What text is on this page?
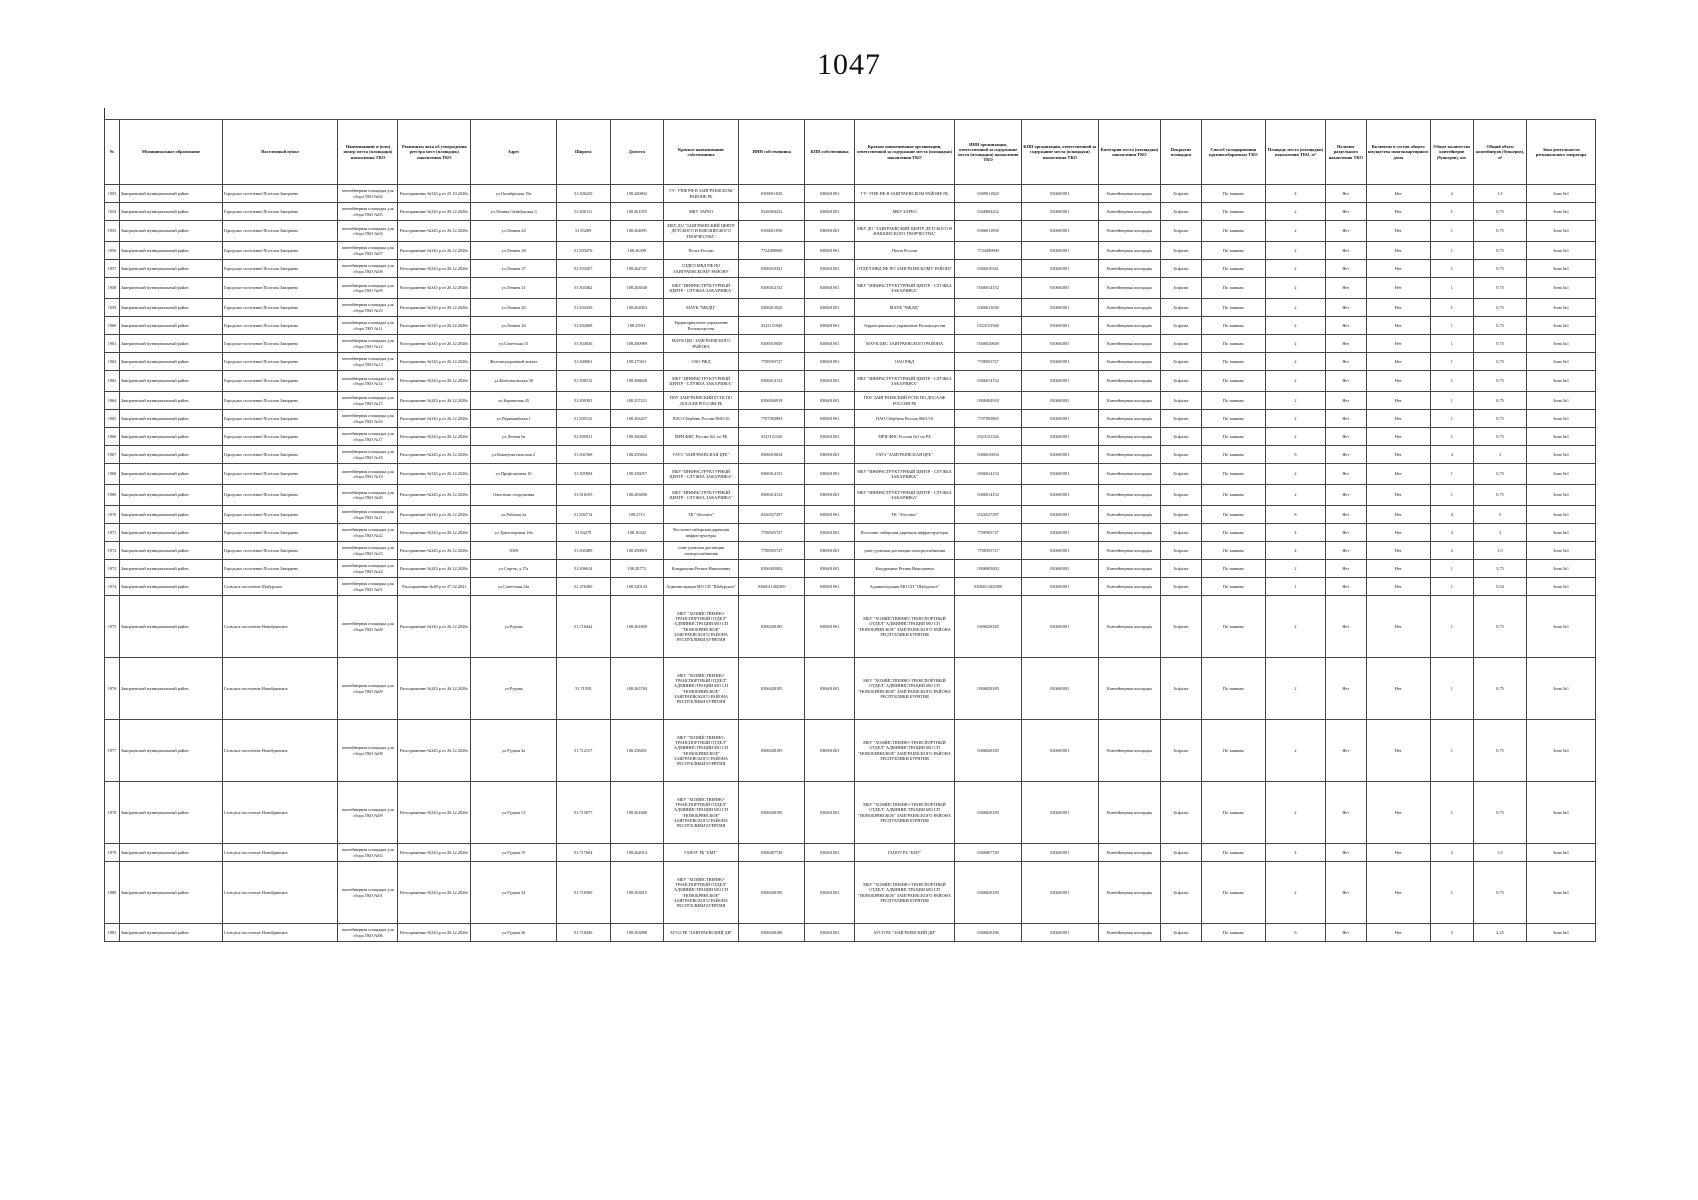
1047
№	Муниципальное образование	Населенный пункт	Наименование и (или) номер места (площадки) накопления ТКО	Реквизиты акта об утверждении реестра мест (площадок) накопления ТКО	Адрес	Широта	Долгота	Краткое наименование собственника	ИНН собственника	КПП собственника	Краткое наименование организации, ответственной за содержание места (площадки) накопления ТКО	ИНН организации, ответственной за содержание места (площадки) накопления ТКО	КПП организации, ответственной за содержание места (площадки) накопления ТКО	Категория места (площадки) накопления ТКО	Покрытие площадки	Способ складирования крупногабаритных ТКО	Площадь места (площадки) накопления ТКО, м²	Наличие раздельного накопления ТКО	Включено в состав общего имущества многоквартирного дома	Общее количество контейнеров (бункеров), шт.	Общий объем контейнеров (бункеров), м³	Зона деятельности регионального оператора
1953	Заиграевский муниципальный район	Городское поселение Поселок Заиграево	контейнерная площадка для сбора ТКО №04	Распоряжение №343 р от 25.10.2020г.	ул.Октябрьская 19а	51.836229	108.260802	ГУ- УПФ РФ В ЗАИГРАЕВСКОМ РАЙОНЕ РБ	0309011820	030601001	ГУ- УПФ РФ В ЗАИГРАЕВСКОМ РАЙОНЕ РБ	0309011820	030601001	Контейнерная площадка	Асфальт	По заявкам	4	Нет	Нет	2	1,5	Зона №1
1954	Заиграевский муниципальный район	Городское поселение Поселок Заиграево	контейнерная площадка для сбора ТКО №05	Распоряжение №343 р от 26.12.2020г.	ул.Ленина Октябрьская 3	51.836111	108.261055	МКУ ЗАРЕО	0326004252	030601001	МКУ ЗАРЕО	0326004252	030601001	Контейнерная площадка	Асфальт	По заявкам	2	Нет	Нет	1	0,75	Зона №1
1955	Заиграевский муниципальный район	Городское поселение Поселок Заиграево	контейнерная площадка для сбора ТКО №04	Распоряжение №343 р от 26.12.2020г.	ул.Ленина 24	51.83289	108.264091	МБУ ДО "ЗАИГРАЕВСКИЙ ЦЕНТР ДЕТСКОГО И ЮНОШЕСКОГО ТВОРЧЕСТВА"	0306011830	030601001	МБУ ДО "ЗАИГРАЕВСКИЙ ЦЕНТР ДЕТСКОГО И ЮНОШЕСКОГО ТВОРЧЕСТВА"	0306011830	030601001	Контейнерная площадка	Асфальт	По заявкам	2	Нет	Нет	1	0,75	Зона №1
1956	Заиграевский муниципальный район	Городское поселение Поселок Заиграево	контейнерная площадка для сбора ТКО №07	Распоряжение №343 р от 26.12.2020г.	ул.Ленина 28	51.833476	108.26309	Почта России	7724490000	030601001	Почта России	7724490000	030601001	Контейнерная площадка	Асфальт	По заявкам	2	Нет	Нет	1	0,75	Зона №1
1957	Заиграевский муниципальный район	Городское поселение Поселок Заиграево	контейнерная площадка для сбора ТКО №08	Распоряжение №343 р от 26.12.2020г.	ул.Ленина 27	51.833307	108.262727	ОТДЕЛ МВД РФ ПО ЗАИГРАЕВСКОМУ РАЙОНУ	0306010341	030601001	ОТДЕЛ МВД РФ ПО ЗАИГРАЕВСКОМУ РАЙОНУ	0306010341	030601001	Контейнерная площадка	Асфальт	По заявкам	2	Нет	Нет	1	0,75	Зона №1
1958	Заиграевский муниципальный район	Городское поселение Поселок Заиграево	контейнерная площадка для сбора ТКО №09	Распоряжение №343 р от 26.12.2020г.	ул.Ленина 21	51.833462	108.263040	МБУ "ИНФРАСТРУКТУРНЫЙ ЦЕНТР - СЛУЖБА ЗАКАЗЧИКА"	0306014152	030601001	МБУ "ИНФРАСТРУКТУРНЫЙ ЦЕНТР - СЛУЖБА ЗАКАЗЧИКА"	0306014152	030601001	Контейнерная площадка	Асфальт	По заявкам	2	Нет	Нет	1	0,75	Зона №1
1959	Заиграевский муниципальный район	Городское поселение Поселок Заиграево	контейнерная площадка для сбора ТКО №10	Распоряжение №343 р от 26.12.2020г.	ул.Ленина 20	51.834356	108.262003	МАУК "МКДЦ"	0306013030	030601001	МАУК "МКДЦ"	0306013030	030601001	Контейнерная площадка	Асфальт	По заявкам	2	Нет	Нет	1	0,75	Зона №1
1960	Заиграевский муниципальный район	Городское поселение Поселок Заиграево	контейнерная площадка для сбора ТКО №11	Распоряжение №343 р от 26.12.2020г.	ул.Ленина 44	51.832668	108.25911	Территориальное управление Росимущества	0323151940	030601001	Территориальное управление Росимущества	0323151940	030601001	Контейнерная площадка	Асфальт	По заявкам	2	Нет	Нет	1	0,75	Зона №1
1961	Заиграевский муниципальный район	Городское поселение Поселок Заиграево	контейнерная площадка для сбора ТКО №12	Распоряжение №343 р от 26.12.2020г.	ул.Советская 15	51.834036	108.260989	МАУК ЦКС ЗАИГРАЕВСКОГО РАЙОНА	0306010849	030601001	МАУК ЦКС ЗАИГРАЕВСКОГО РАЙОНА	0306010849	030601001	Контейнерная площадка	Асфальт	По заявкам	2	Нет	Нет	1	0,75	Зона №1
1962	Заиграевский муниципальный район	Городское поселение Поселок Заиграево	контейнерная площадка для сбора ТКО №13	Распоряжение №343 р от 26.12.2020г.	Железнодорожный вокзал	51.840061	108.275611	ОАО РЖД	7708503727	030601001	ОАО РЖД	7708503727	030601001	Контейнерная площадка	Асфальт	По заявкам	2	Нет	Нет	1	0,75	Зона №1
1963	Заиграевский муниципальный район	Городское поселение Поселок Заиграево	контейнерная площадка для сбора ТКО №14	Распоряжение №343 р от 26.12.2020г.	ул.Комсомольская 30	51.838132	108.268628	МБУ "ИНФРАСТРУКТУРНЫЙ ЦЕНТР - СЛУЖБА ЗАКАЗЧИКА"	0306014152	030601001	МБУ "ИНФРАСТРУКТУРНЫЙ ЦЕНТР - СЛУЖБА ЗАКАЗЧИКА"	0306014152	030601001	Контейнерная площадка	Асфальт	По заявкам	2	Нет	Нет	1	0,75	Зона №1
1964	Заиграевский муниципальный район	Городское поселение Поселок Заиграево	контейнерная площадка для сбора ТКО №15	Распоряжение №343 р от 26.12.2020г.	ул.Кирпичная 45	51.839381	108.257221	ПОУ ЗАИГРАЕВСКИЙ РСТК ПО ДОСААФ РОССИИ РБ	0306004918	030601001	ПОУ ЗАИГРАЕВСКИЙ РСТК ПО ДОСААФ РОССИИ РБ	0306004918	030601001	Контейнерная площадка	Асфальт	По заявкам	2	Нет	Нет	1	0,75	Зона №1
1965	Заиграевский муниципальный район	Городское поселение Поселок Заиграево	контейнерная площадка для сбора ТКО №16	Распоряжение №343 р от 26.12.2020г.	ул.Первомайская 1	51.835132	108.263437	ПАО Сбербанк России 8601/16	7707083893	030601001	ПАО Сбербанк России 8601/16	7707083893	030601001	Контейнерная площадка	Асфальт	По заявкам	2	Нет	Нет	1	0,75	Зона №1
1966	Заиграевский муниципальный район	Городское поселение Поселок Заиграево	контейнерная площадка для сбора ТКО №17	Распоряжение №343 р от 26.12.2020г.	ул.Лесная 6а	51.830921	108.260402	МРИ ФНС России №1 по РБ	0323121326	030601001	МРИ ФНС России №1 по РБ	0323121326	030601001	Контейнерная площадка	Асфальт	По заявкам	2	Нет	Нет	1	0,75	Зона №1
1967	Заиграевский муниципальный район	Городское поселение Поселок Заиграево	контейнерная площадка для сбора ТКО №18	Распоряжение №343 р от 26.12.2020г.	ул.Коммунистическая 2	51.831568	108.255604	ГАУЗ "ЗАИГРАЕВСКАЯ ЦРБ"	0306010654	030601001	ГАУЗ "ЗАИГРАЕВСКАЯ ЦРБ"	0306010654	030601001	Контейнерная площадка	Асфальт	По заявкам	8	Нет	Нет	4	3	Зона №1
1968	Заиграевский муниципальный район	Городское поселение Поселок Заиграево	контейнерная площадка для сбора ТКО №19	Распоряжение №343 р от 26.12.2020г.	ул.Профсоюзная 10	51.835984	108.256057	МБУ "ИНФРАСТРУКТУРНЫЙ ЦЕНТР - СЛУЖБА ЗАКАЗЧИКА"	0306014152	030601001	МБУ "ИНФРАСТРУКТУРНЫЙ ЦЕНТР - СЛУЖБА ЗАКАЗЧИКА"	0306014152	030601001	Контейнерная площадка	Асфальт	По заявкам	2	Нет	Нет	1	0,75	Зона №1
1969	Заиграевский муниципальный район	Городское поселение Поселок Заиграево	контейнерная площадка для сбора ТКО №20	Распоряжение №343 р от 26.12.2020г.	Очистные сооружения	51.816105	108.263806	МБУ "ИНФРАСТРУКТУРНЫЙ ЦЕНТР - СЛУЖБА ЗАКАЗЧИКА"	0306014152	030601001	МБУ "ИНФРАСТРУКТУРНЫЙ ЦЕНТР - СЛУЖБА ЗАКАЗЧИКА"	0306014152	030601001	Контейнерная площадка	Асфальт	По заявкам	2	Нет	Нет	1	0,75	Зона №1
1970	Заиграевский муниципальный район	Городское поселение Поселок Заиграево	контейнерная площадка для сбора ТКО №21	Распоряжение №343 р от 26.12.2020г.	ул.Рабочая 2а	51.832714	108.2713	ТК "Абсолют"	0326527297	030601001	ТК "Абсолют"	0326527297	030601001	Контейнерная площадка	Асфальт	По заявкам	8	Нет	Нет	4	3	Зона №1
1971	Заиграевский муниципальный район	Городское поселение Поселок Заиграево	контейнерная площадка для сбора ТКО №22	Распоряжение №343 р от 26.12.2020г.	ул.Транспортная 16а	51.84278	108.16343	Восточно-сибирская дирекция инфраструктуры	7708503727	030601001	Восточно-сибирская дирекция инфраструктуры	7708503727	030601001	Контейнерная площадка	Асфальт	По заявкам	4	Нет	Нет	4	3	Зона №1
1972	Заиграевский муниципальный район	Городское поселение Поселок Заиграево	контейнерная площадка для сбора ТКО №23	Распоряжение №343 р от 26.12.2020г.	5069	51.835489	108.290819	улан-удэнская дистанция электроснабжения	7708503727	030601001	улан-удэнская дистанция электроснабжения	7708503727	030601001	Контейнерная площадка	Асфальт	По заявкам	4	Нет	Нет	2	1,5	Зона №1
1973	Заиграевский муниципальный район	Городское поселение Поселок Заиграево	контейнерная площадка для сбора ТКО №24	Распоряжение №343 р от 26.12.2020г.	ул.Сергея, д.17а	51.836614	108.20772	Кондрахина Регина Николаевна	0306003002	030601001	Кондрахина Регина Николаевна	0306003003	030601001	Контейнерная площадка	Асфальт	По заявкам	2	Нет	Нет	1	3,75	Зона №1
1974	Заиграевский муниципальный район	Сельское поселение Шабурское	контейнерная площадка для сбора ТКО №01	Распоряжение №49 р от 27.02.2021	ул.Советская,14а	51.476480	108.320143	Администрация МО СП "Шабурское"	0306011402300	030601001	Администрация МО СП "Шабурское"	0306011402300	030601001	Контейнерная площадка	Асфальт	По заявкам	1	Нет	Нет	1	0,54	Зона №1
1975	Заиграевский муниципальный район	Сельское поселение Новобрянское	контейнерная площадка для сбора ТКО №08	Распоряжение №343 р от 26.12.2020г.	ул.Рудная	51.716442	108.261809	МБУ "ХОЗЯЙСТВЕННО-ТРАНСПОРТНЫЙ ОТДЕЛ" АДМИНИСТРАЦИИ МО СП "НОВОБРЯНСКОЕ" ЗАИГРАЕВСКОГО РАЙОНА РЕСПУБЛИКИ БУРЯТИЯ	0306028185	030601001	МБУ "ХОЗЯЙСТВЕННО-ТРАНСПОРТНЫЙ ОТДЕЛ" АДМИНИСТРАЦИИ МО СП "НОВОБРЯНСКОЕ" ЗАИГРАЕВСКОГО РАЙОНА РЕСПУБЛИКИ БУРЯТИЯ	0306028185	030601001	Контейнерная площадка	Асфальт	По заявкам	2	Нет	Нет	1	0,75	Зона №1
1976	Заиграевский муниципальный район	Сельское поселение Новобрянское	контейнерная площадка для сбора ТКО №09	Распоряжение №343 р от 26.12.2020г.	ул.Рудная	51.71559	108.265784	МБУ "ХОЗЯЙСТВЕННО-ТРАНСПОРТНЫЙ ОТДЕЛ" АДМИНИСТРАЦИИ МО СП "НОВОБРЯНСКОЕ" ЗАИГРАЕВСКОГО РАЙОНА РЕСПУБЛИКИ БУРЯТИЯ	0306028185	030601001	МБУ "ХОЗЯЙСТВЕННО-ТРАНСПОРТНЫЙ ОТДЕЛ" АДМИНИСТРАЦИИ МО СП "НОВОБРЯНСКОЕ" ЗАИГРАЕВСКОГО РАЙОНА РЕСПУБЛИКИ БУРЯТИЯ	0306028185	030601001	Контейнерная площадка	Асфальт	По заявкам	2	Нет	Нет	1	0,75	Зона №1
1977	Заиграевский муниципальный район	Сельское поселение Новобрянское	контейнерная площадка для сбора ТКО №08	Распоряжение №343 р от 26.12.2020г.	ул.Рудная 3а	51.712157	108.258401	МБУ "ХОЗЯЙСТВЕННО-ТРАНСПОРТНЫЙ ОТДЕЛ" АДМИНИСТРАЦИИ МО СП "НОВОБРЯНСКОЕ" ЗАИГРАЕВСКОГО РАЙОНА РЕСПУБЛИКИ БУРЯТИЯ	0306028185	030601001	МБУ "ХОЗЯЙСТВЕННО-ТРАНСПОРТНЫЙ ОТДЕЛ" АДМИНИСТРАЦИИ МО СП "НОВОБРЯНСКОЕ" ЗАИГРАЕВСКОГО РАЙОНА РЕСПУБЛИКИ БУРЯТИЯ	0306028185	030601001	Контейнерная площадка	Асфальт	По заявкам	2	Нет	Нет	1	0,75	Зона №1
1978	Заиграевский муниципальный район	Сельское поселение Новобрянское	контейнерная площадка для сбора ТКО №09	Распоряжение №343 р от 26.12.2020г.	ул.Рудная 13	51.715877	108.261686	МБУ "ХОЗЯЙСТВЕННО-ТРАНСПОРТНЫЙ ОТДЕЛ" АДМИНИСТРАЦИИ МО СП "НОВОБРЯНСКОЕ" ЗАИГРАЕВСКОГО РАЙОНА РЕСПУБЛИКИ БУРЯТИЯ	0306028185	030601001	МБУ "ХОЗЯЙСТВЕННО-ТРАНСПОРТНЫЙ ОТДЕЛ" АДМИНИСТРАЦИИ МО СП "НОВОБРЯНСКОЕ" ЗАИГРАЕВСКОГО РАЙОНА РЕСПУБЛИКИ БУРЯТИЯ	0306028185	030601001	Контейнерная площадка	Асфальт	По заявкам	2	Нет	Нет	1	0,75	Зона №1
1979	Заиграевский муниципальный район	Сельское поселение Новобрянское	контейнерная площадка для сбора ТКО №02	Распоряжение №343 р от 26.12.2020г.	ул.Рудная 19	51.717604	108.262014	ГАПОУ РБ "БМТ"	0306007749	030601001	ГАПОУ РБ "БМТ"	0306007749	030601001	Контейнерная площадка	Асфальт	По заявкам	4	Нет	Нет	2	1,5	Зона №1
1980	Заиграевский муниципальный район	Сельское поселение Новобрянское	контейнерная площадка для сбора ТКО №01	Распоряжение №343 р от 26.12.2020г.	ул.Рудная 34	51.718369	108.263815	МБУ "ХОЗЯЙСТВЕННО-ТРАНСПОРТНЫЙ ОТДЕЛ" АДМИНИСТРАЦИИ МО СП "НОВОБРЯНСКОЕ" ЗАИГРАЕВСКОГО РАЙОНА РЕСПУБЛИКИ БУРЯТИЯ	0306028185	030601001	МБУ "ХОЗЯЙСТВЕННО-ТРАНСПОРТНЫЙ ОТДЕЛ" АДМИНИСТРАЦИИ МО СП "НОВОБРЯНСКОЕ" ЗАИГРАЕВСКОГО РАЙОНА РЕСПУБЛИКИ БУРЯТИЯ	0306028185	030601001	Контейнерная площадка	Асфальт	По заявкам	2	Нет	Нет	1	0,75	Зона №1
1981	Заиграевский муниципальный район	Сельское поселение Новобрянское	контейнерная площадка для сбора ТКО №06	Распоряжение №343 р от 26.12.2020г.	ул.Рудная 36	51.718446	108.263888	АУСО РБ "ЗАИГРАЕВСКИЙ ДИ"	0306028186	030601001	АУСО РБ "ЗАИГРАЕВСКИЙ ДИ"	0306028186	030601001	Контейнерная площадка	Асфальт	По заявкам	6	Нет	Нет	3	2,25	Зона №1
